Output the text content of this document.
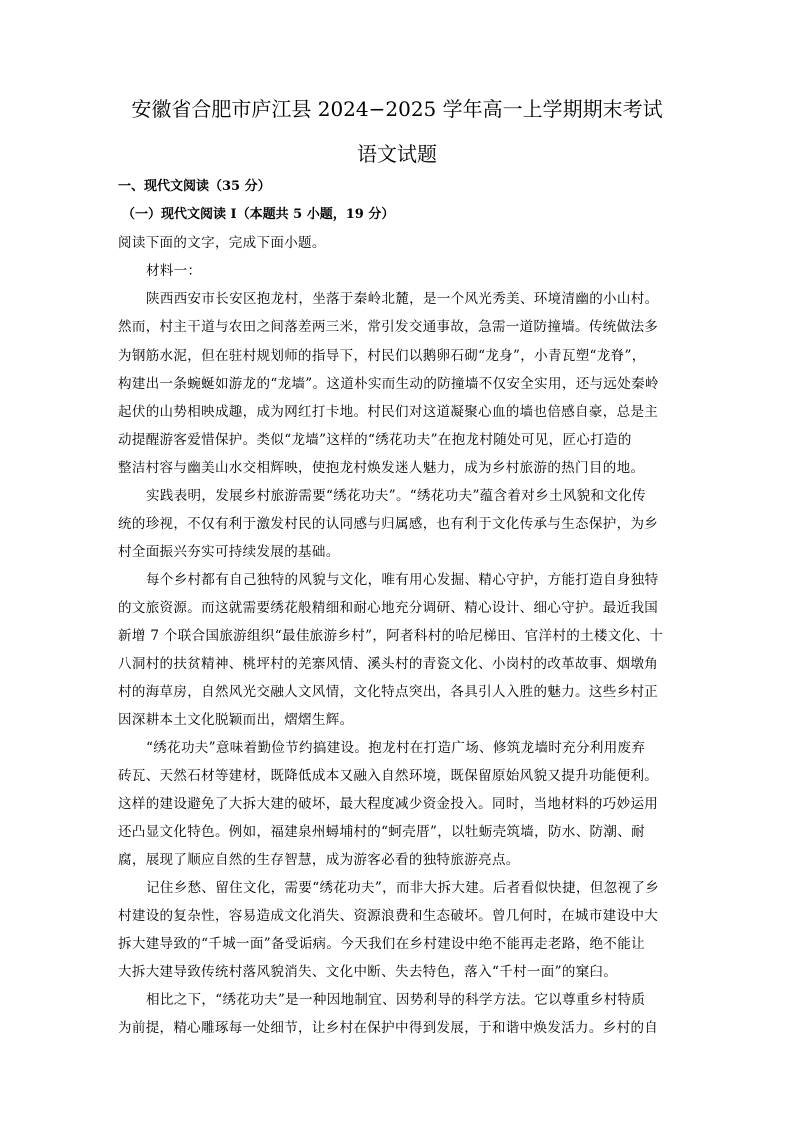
安徽省合肥市庐江县 2024−2025 学年高一上学期期末考试
语文试题
一、现代文阅读（35 分）
（一）现代文阅读 I（本题共 5 小题，19 分）
阅读下面的文字，完成下面小题。
材料一：
陕西西安市长安区抱龙村，坐落于秦岭北麓，是一个风光秀美、环境清幽的小山村。
然而，村主干道与农田之间落差两三米，常引发交通事故，急需一道防撞墙。传统做法多
为钢筋水泥，但在驻村规划师的指导下，村民们以鹅卵石砌“龙身”，小青瓦塑“龙脊”，
构建出一条蜿蜒如游龙的“龙墙”。这道朴实而生动的防撞墙不仅安全实用，还与远处秦岭
起伏的山势相映成趣，成为网红打卡地。村民们对这道凝聚心血的墙也倍感自豪，总是主
动提醒游客爱惜保护。类似“龙墙”这样的“绣花功夫”在抱龙村随处可见，匠心打造的
整洁村容与幽美山水交相辉映，使抱龙村焕发迷人魅力，成为乡村旅游的热门目的地。
实践表明，发展乡村旅游需要“绣花功夫”。“绣花功夫”蕴含着对乡土风貌和文化传
统的珍视，不仅有利于激发村民的认同感与归属感，也有利于文化传承与生态保护，为乡
村全面振兴夯实可持续发展的基础。
每个乡村都有自己独特的风貌与文化，唯有用心发掘、精心守护，方能打造自身独特
的文旅资源。而这就需要绣花般精细和耐心地充分调研、精心设计、细心守护。最近我国
新增 7 个联合国旅游组织“最佳旅游乡村”，阿者科村的哈尼梯田、官洋村的土楼文化、十
八洞村的扶贫精神、桃坪村的羌寨风情、溪头村的青瓷文化、小岗村的改革故事、烟墩角
村的海草房，自然风光交融人文风情，文化特点突出，各具引人入胜的魅力。这些乡村正
因深耕本土文化脱颖而出，熠熠生辉。
“绣花功夫”意味着勤俭节约搞建设。抱龙村在打造广场、修筑龙墙时充分利用废弃
砖瓦、天然石材等建材，既降低成本又融入自然环境，既保留原始风貌又提升功能便利。
这样的建设避免了大拆大建的破坏，最大程度减少资金投入。同时，当地材料的巧妙运用
还凸显文化特色。例如，福建泉州蟳埔村的“蚵壳厝”，以牡蛎壳筑墙，防水、防潮、耐
腐，展现了顺应自然的生存智慧，成为游客必看的独特旅游亮点。
记住乡愁、留住文化，需要“绣花功夫”，而非大拆大建。后者看似快捷，但忽视了乡
村建设的复杂性，容易造成文化消失、资源浪费和生态破坏。曾几何时，在城市建设中大
拆大建导致的“千城一面”备受诟病。今天我们在乡村建设中绝不能再走老路，绝不能让
大拆大建导致传统村落风貌消失、文化中断、失去特色，落入“千村一面”的窠臼。
相比之下，“绣花功夫”是一种因地制宜、因势利导的科学方法。它以尊重乡村特质
为前提，精心雕琢每一处细节，让乡村在保护中得到发展，于和谐中焕发活力。乡村的自
